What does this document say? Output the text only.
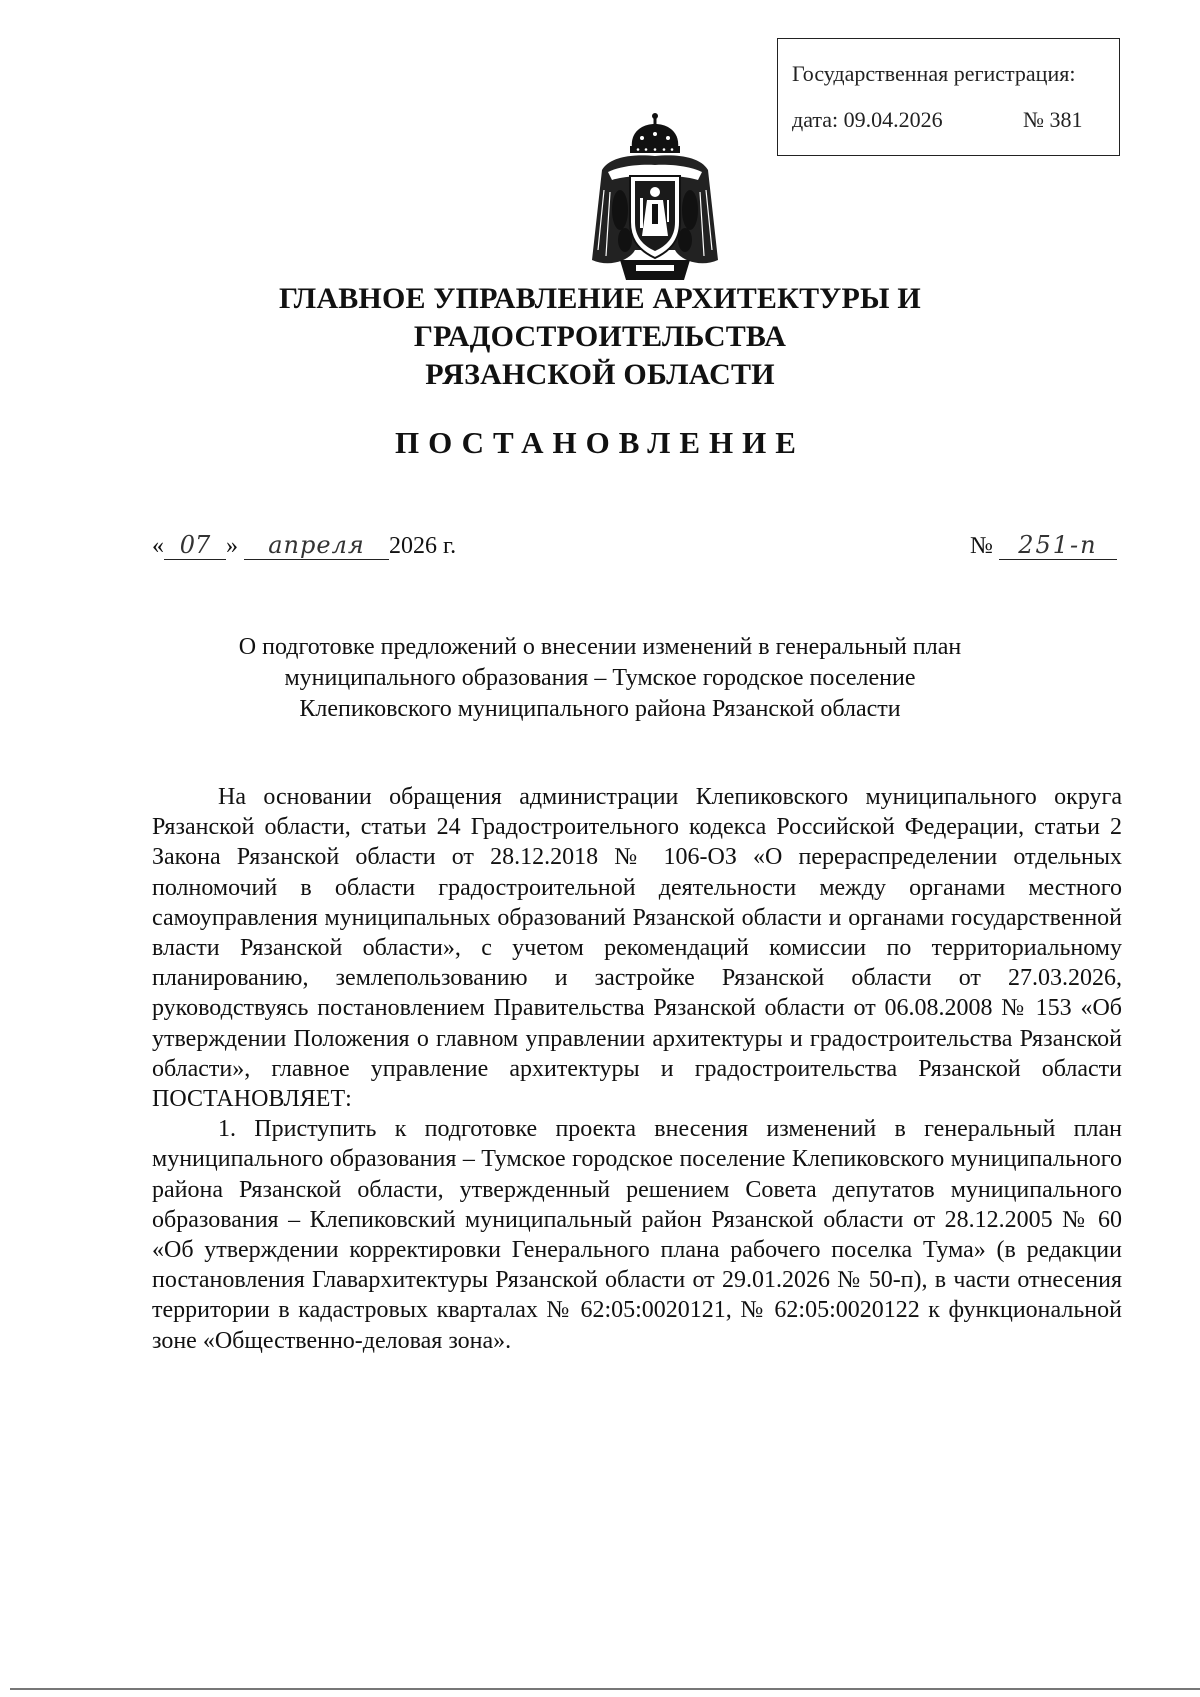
Государственная регистрация:
дата: 09.04.2026	№ 381
ГЛАВНОЕ УПРАВЛЕНИЕ АРХИТЕКТУРЫ И ГРАДОСТРОИТЕЛЬСТВА
РЯЗАНСКОЙ ОБЛАСТИ
ПОСТАНОВЛЕНИЕ
« 07 » апреля 2026 г.	№ 251-п
О подготовке предложений о внесении изменений в генеральный план
муниципального образования – Тумское городское поселение
Клепиковского муниципального района Рязанской области

На основании обращения администрации Клепиковского муниципального округа Рязанской области, статьи 24 Градостроительного кодекса Российской Федерации, статьи 2 Закона Рязанской области от 28.12.2018 № 106-ОЗ «О перераспределении отдельных полномочий в области градостроительной деятельности между органами местного самоуправления муниципальных образований Рязанской области и органами государственной власти Рязанской области», с учетом рекомендаций комиссии по территориальному планированию, землепользованию и застройке Рязанской области от 27.03.2026, руководствуясь постановлением Правительства Рязанской области от 06.08.2008 № 153 «Об утверждении Положения о главном управлении архитектуры и градостроительства Рязанской области», главное управление архитектуры и градостроительства Рязанской области ПОСТАНОВЛЯЕТ:

1. Приступить к подготовке проекта внесения изменений в генеральный план муниципального образования – Тумское городское поселение Клепиковского муниципального района Рязанской области, утвержденный решением Совета депутатов муниципального образования – Клепиковский муниципальный район Рязанской области от 28.12.2005 № 60 «Об утверждении корректировки Генерального плана рабочего поселка Тума» (в редакции постановления Главархитектуры Рязанской области от 29.01.2026 № 50-п), в части отнесения территории в кадастровых кварталах № 62:05:0020121, № 62:05:0020122 к функциональной зоне «Общественно-деловая зона».
